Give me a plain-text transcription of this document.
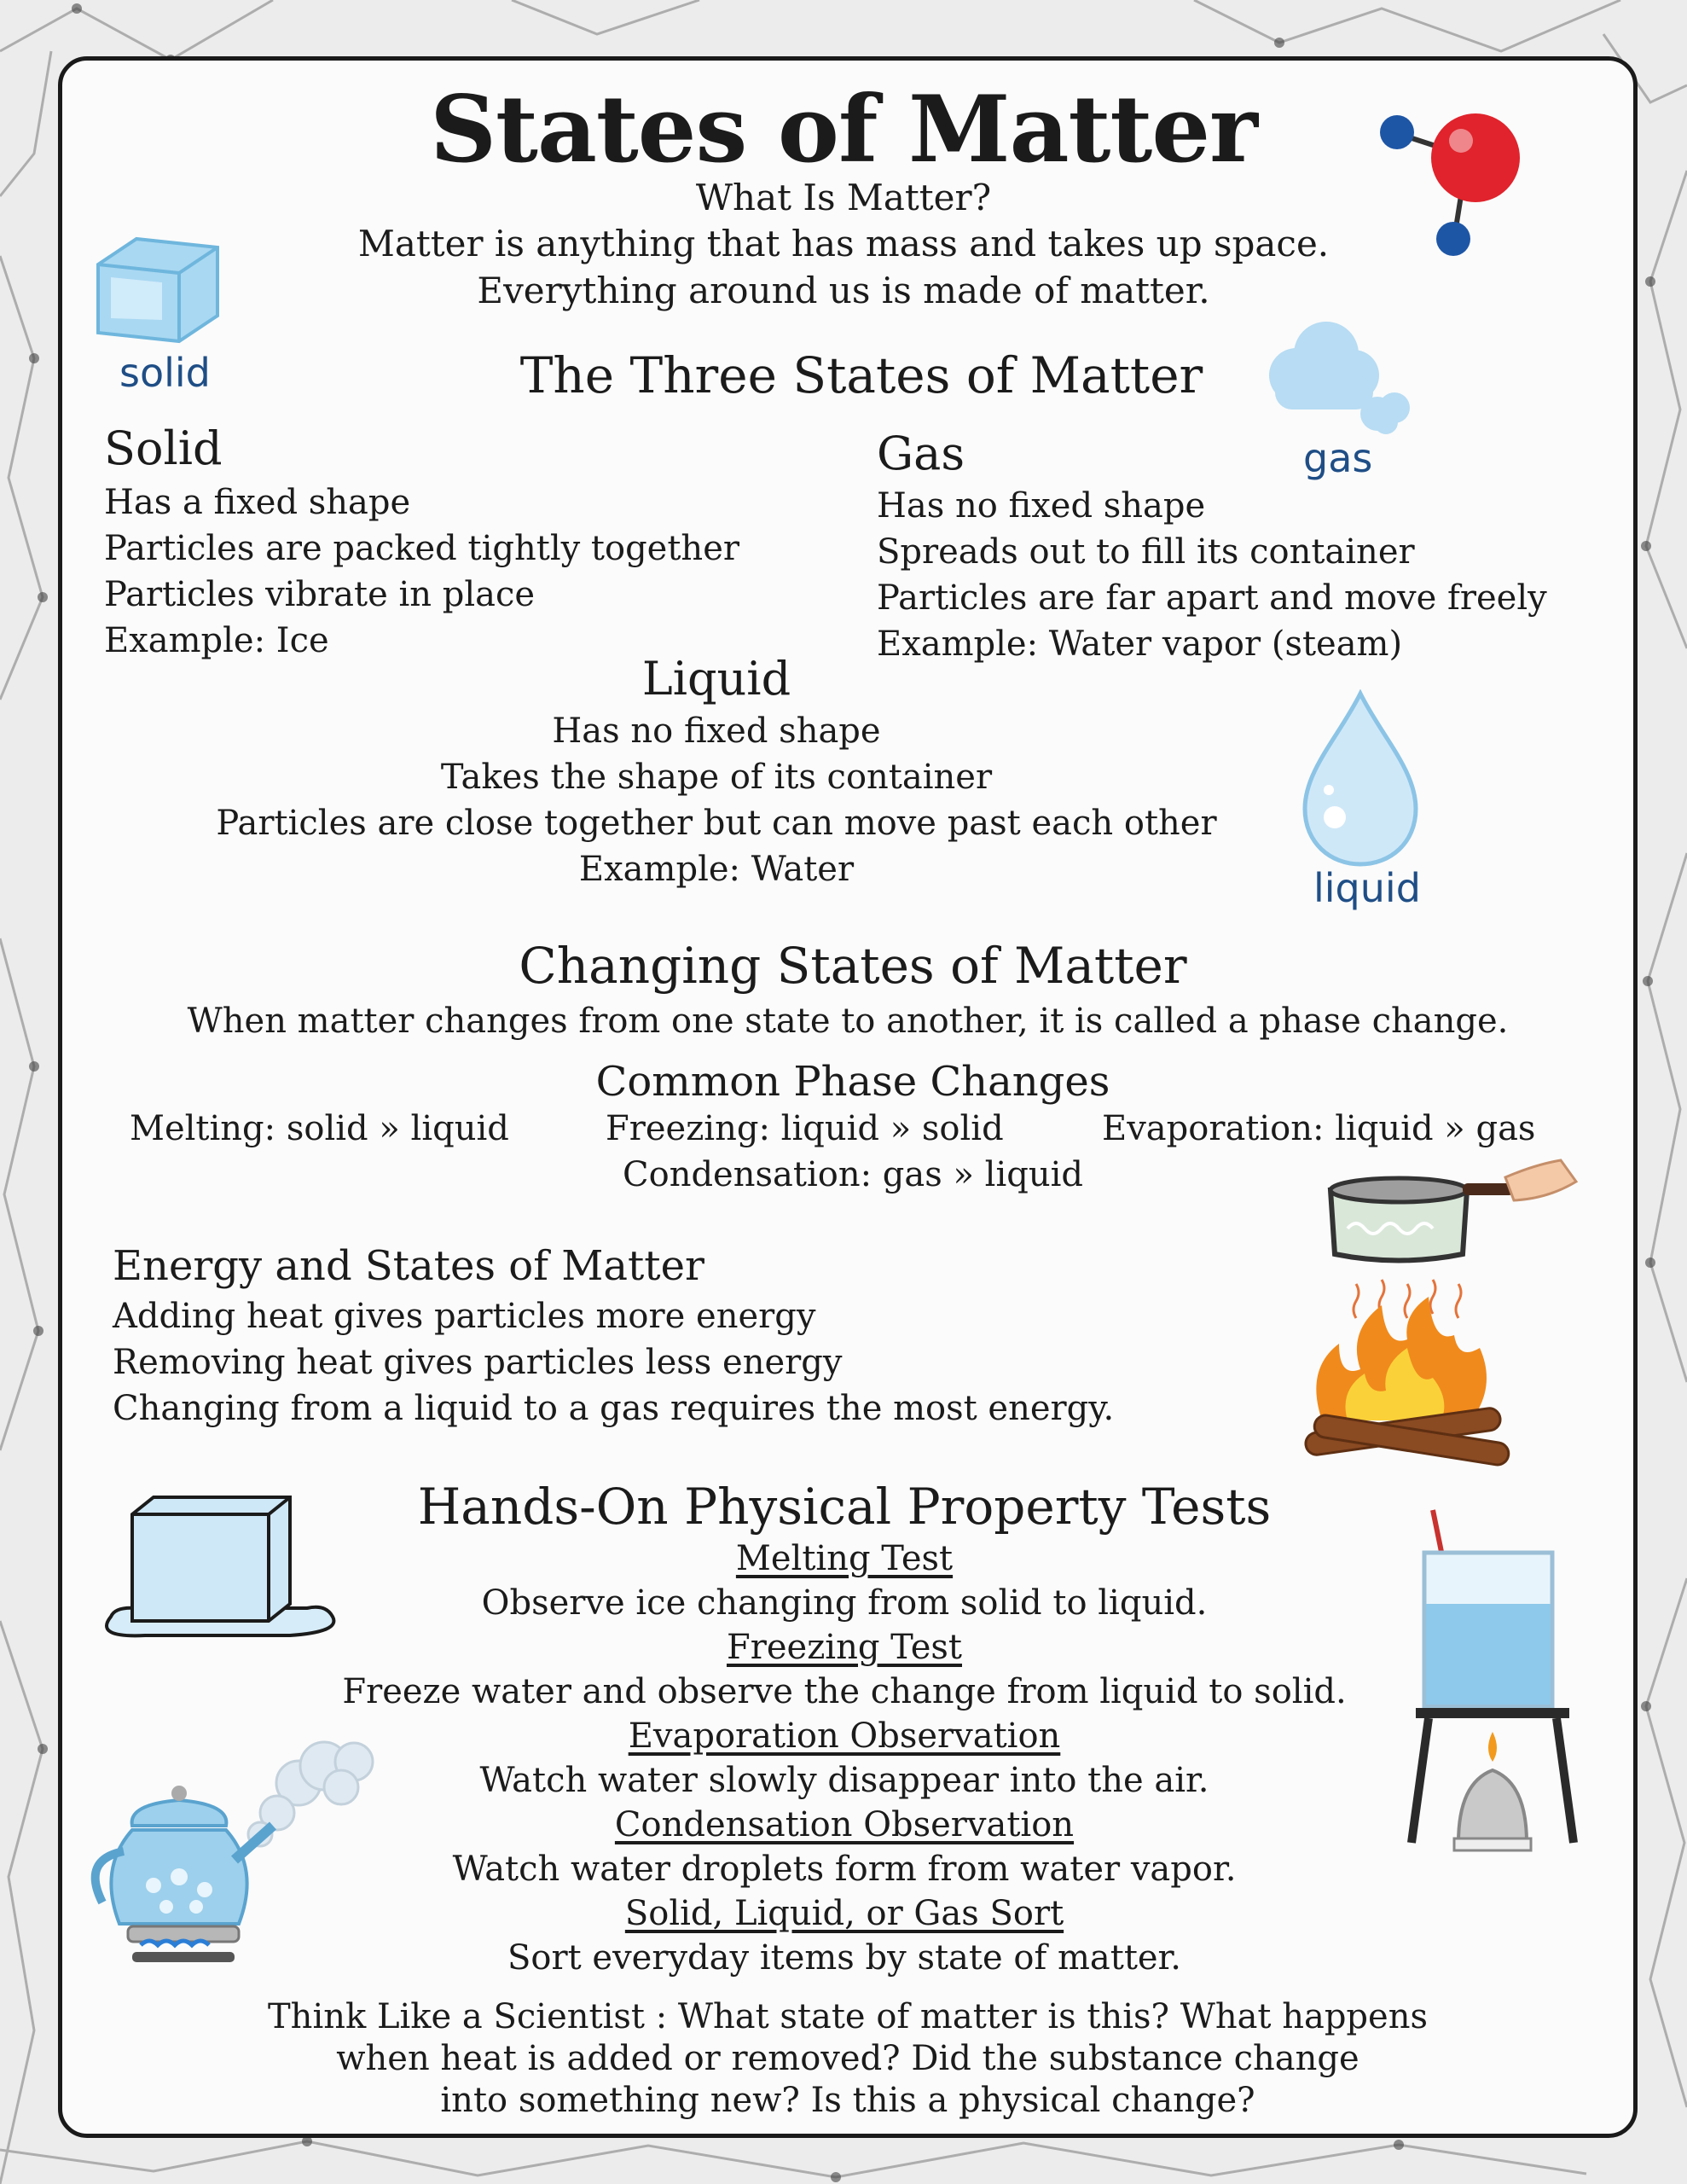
States of Matter
What Is Matter?
Matter is anything that has mass and takes up space.
Everything around us is made of matter.
solid	The Three States of Matter
gas
Solid
Has a fixed shape
Particles are packed tightly together
Particles vibrate in place
Example: Ice
Gas
Has no fixed shape
Spreads out to fill its container
Particles are far apart and move freely
Example: Water vapor (steam)
Liquid
Has no fixed shape
Takes the shape of its container
Particles are close together but can move past each other
Example: Water	liquid
Changing States of Matter
When matter changes from one state to another, it is called a phase change.
Common Phase Changes
Melting: solid » liquid	Freezing: liquid » solid	Evaporation: liquid » gas
Condensation: gas » liquid
Energy and States of Matter
Adding heat gives particles more energy
Removing heat gives particles less energy
Changing from a liquid to a gas requires the most energy.
Hands-On Physical Property Tests
Melting Test
Observe ice changing from solid to liquid.
Freezing Test
Freeze water and observe the change from liquid to solid.
Evaporation Observation
Watch water slowly disappear into the air.
Condensation Observation
Watch water droplets form from water vapor.
Solid, Liquid, or Gas Sort
Sort everyday items by state of matter.
Think Like a Scientist : What state of matter is this? What happens
when heat is added or removed? Did the substance change
into something new? Is this a physical change?
